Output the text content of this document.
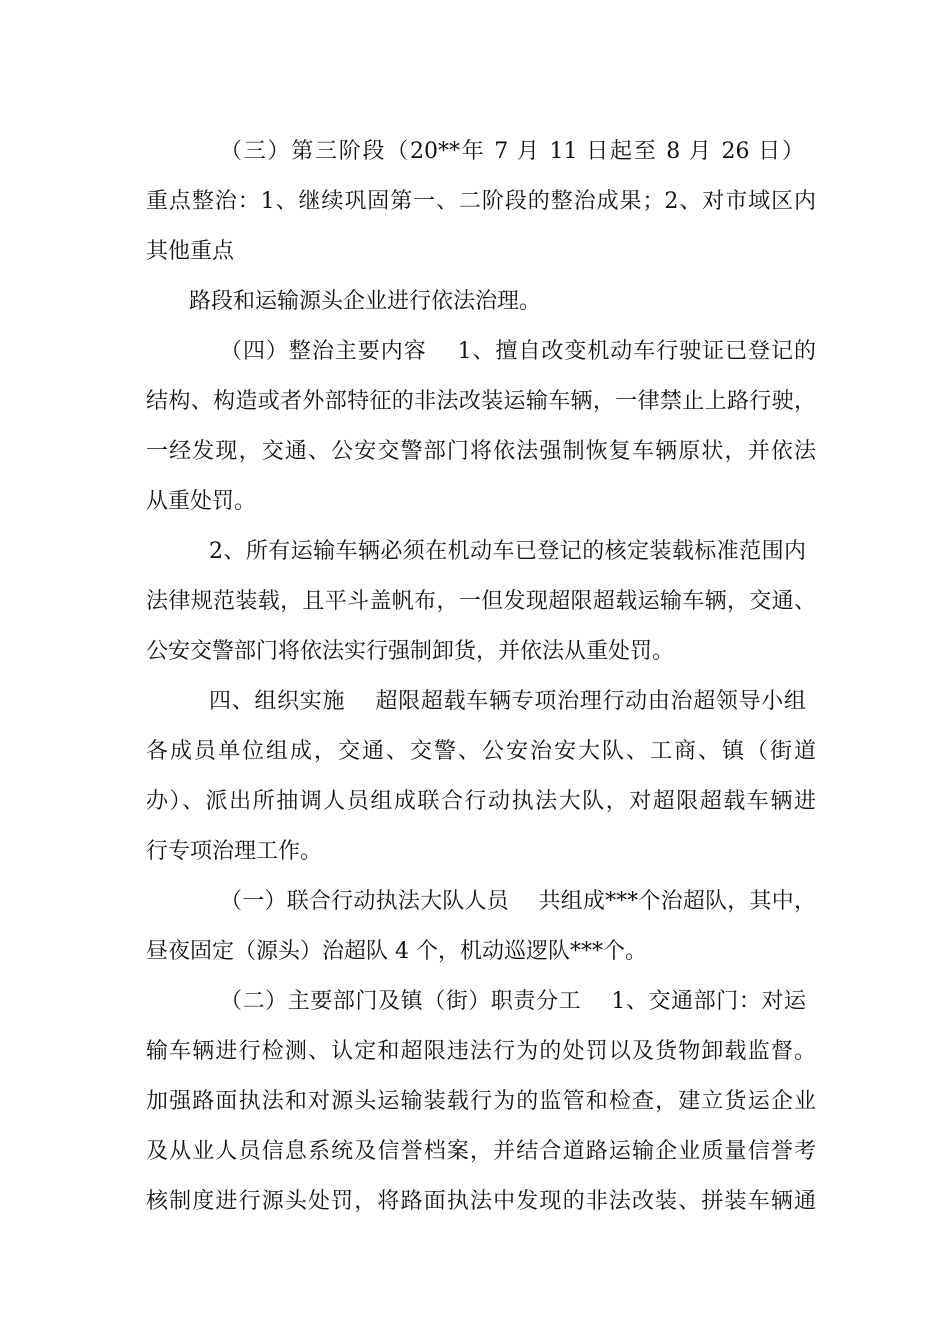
（三）第三阶段（20**年 7 月 11 日起至 8 月 26 日）
重点整治：1、继续巩固第一、二阶段的整治成果；2、对市域区内
其他重点
路段和运输源头企业进行依法治理。
（四）整治主要内容　 1、擅自改变机动车行驶证已登记的
结构、构造或者外部特征的非法改装运输车辆，一律禁止上路行驶，
一经发现，交通、公安交警部门将依法强制恢复车辆原状，并依法
从重处罚。
2、所有运输车辆必须在机动车已登记的核定装载标准范围内
法律规范装载，且平斗盖帆布，一但发现超限超载运输车辆，交通、
公安交警部门将依法实行强制卸货，并依法从重处罚。
四、组织实施　 超限超载车辆专项治理行动由治超领导小组
各成员单位组成，交通、交警、公安治安大队、工商、镇（街道
办）、派出所抽调人员组成联合行动执法大队，对超限超载车辆进
行专项治理工作。
（一）联合行动执法大队人员　 共组成***个治超队，其中，
昼夜固定（源头）治超队 4 个，机动巡逻队***个。
（二）主要部门及镇（街）职责分工　 1、交通部门：对运
输车辆进行检测、认定和超限违法行为的处罚以及货物卸载监督。
加强路面执法和对源头运输装载行为的监管和检查，建立货运企业
及从业人员信息系统及信誉档案，并结合道路运输企业质量信誉考
核制度进行源头处罚，将路面执法中发现的非法改装、拼装车辆通
